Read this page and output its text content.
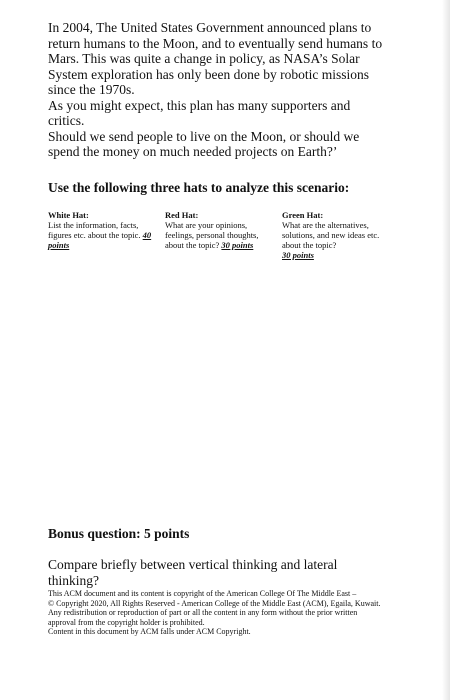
In 2004, The United States Government announced plans to return humans to the Moon, and to eventually send humans to Mars. This was quite a change in policy, as NASA’s Solar System exploration has only been done by robotic missions since the 1970s.

As you might expect, this plan has many supporters and critics.

Should we send people to live on the Moon, or should we spend the money on much needed projects on Earth?’

Use the following three hats to analyze this scenario:

White Hat:
List the information, facts, figures etc. about the topic. 40 points
Red Hat:
What are your opinions, feelings, personal thoughts, about the topic? 30 points
Green Hat:
What are the alternatives, solutions, and new ideas etc. about the topic?
30 points

Bonus question: 5 points

Compare briefly between vertical thinking and lateral thinking?

This ACM document and its content is copyright of the American College Of The Middle East –

© Copyright 2020, All Rights Reserved - American College of the Middle East (ACM), Egaila, Kuwait.

Any redistribution or reproduction of part or all the content in any form without the prior written approval from the copyright holder is prohibited.

Content in this document by ACM falls under ACM Copyright.
